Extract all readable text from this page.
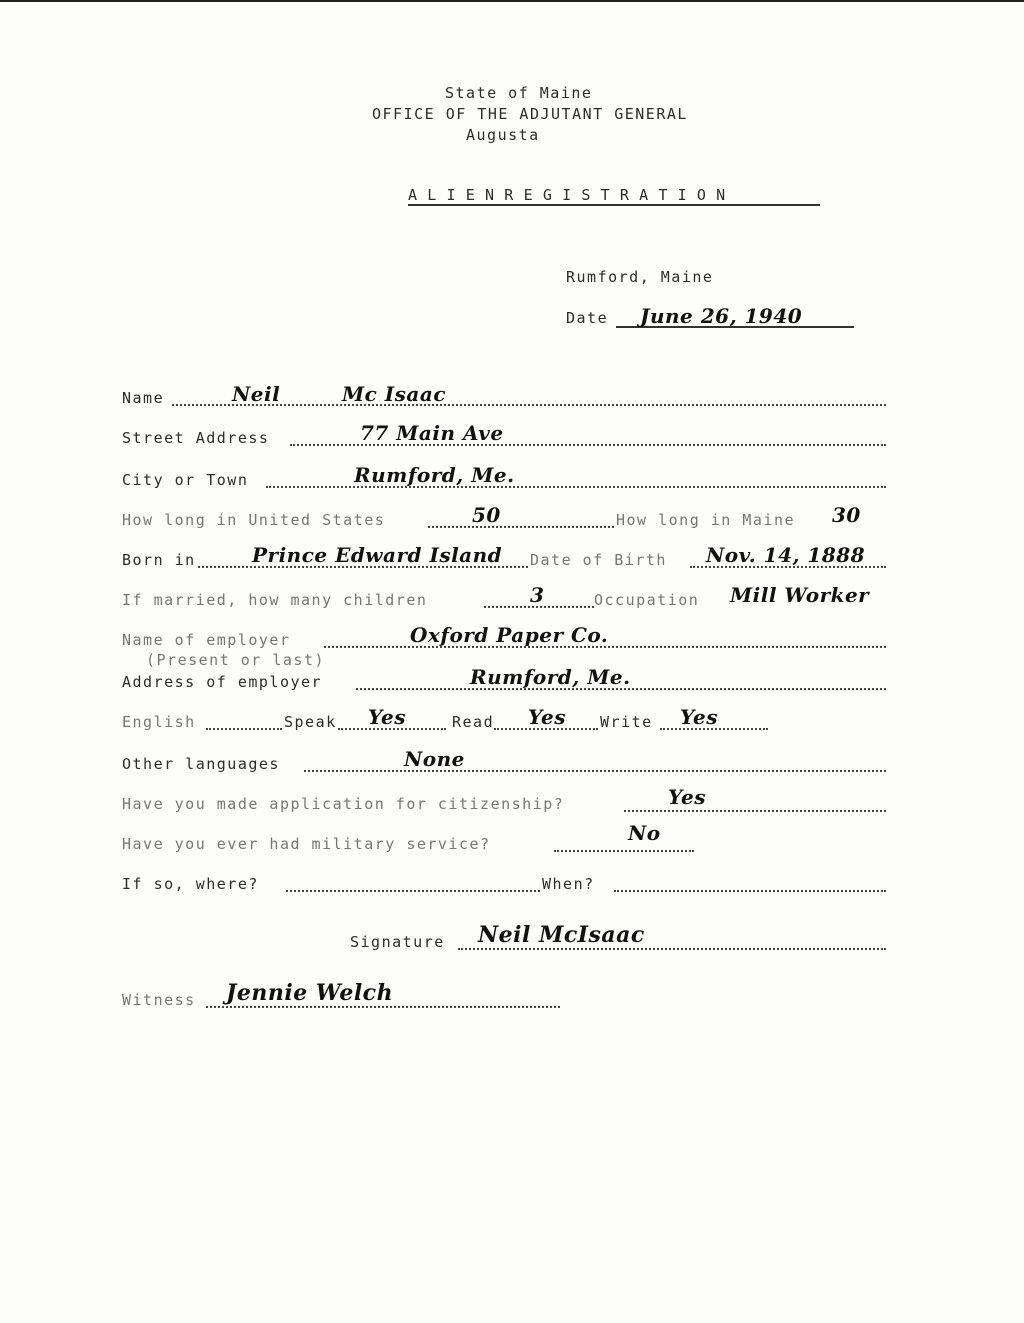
State of Maine
OFFICE OF THE ADJUTANT GENERAL
Augusta
A L I E N R E G I S T R A T I O N
Rumford, Maine
Date June 26, 1940
Name	Neil	Mc Isaac
Street Address	77 Main Ave
City or Town	Rumford, Me.
How long in United States	50	How long in Maine 30
Born in	Prince Edward Island Date of Birth Nov. 14, 1888
If married, how many children	3	Occupation Mill Worker
Name of employer	Oxford Paper Co.
(Present or last)
Address of employer	Rumford, Me.
English	Speak Yes	Read Yes Write Yes
Other languages	None
Have you made application for citizenship?	Yes
Have you ever had military service?	No
If so, where?	When?
Signature Neil McIsaac
Witness Jennie Welch
